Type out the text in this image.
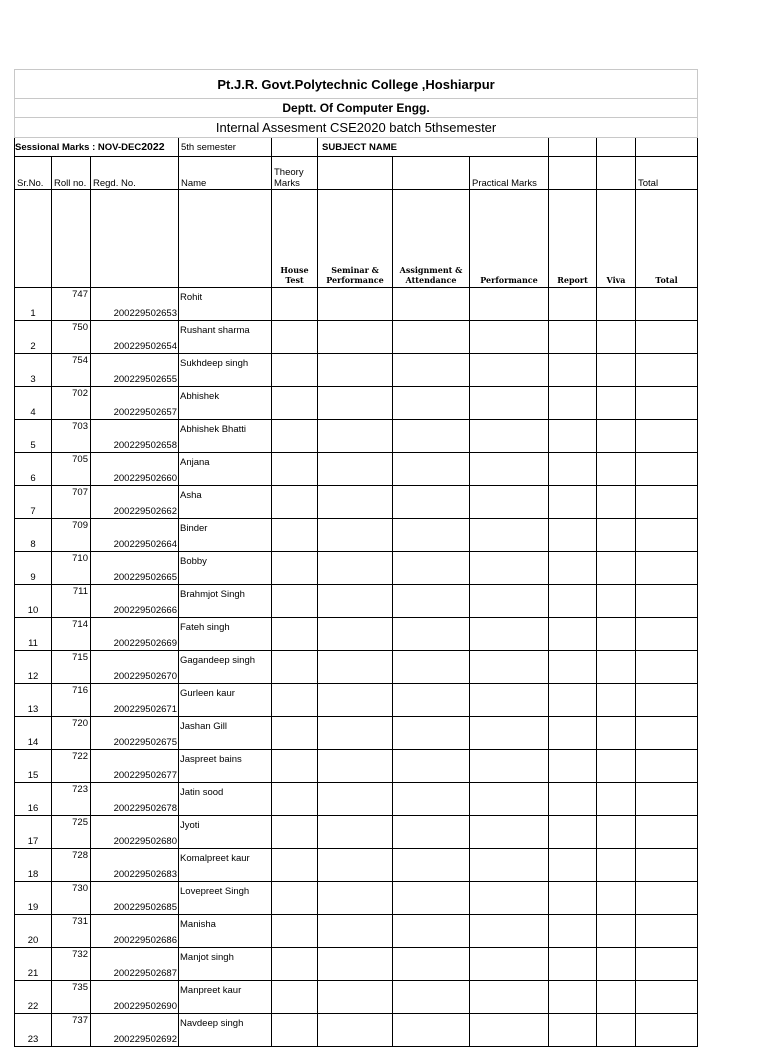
Pt.J.R. Govt.Polytechnic College ,Hoshiarpur										
Deptt. Of Computer Engg.										
Internal Assesment CSE2020 batch 5thsemester										
Sessional Marks : NOV-DEC2022			5th semester		SUBJECT NAME					
Sr.No.	Roll no.	Regd. No.	Name	Theory Marks			Practical Marks			Total
				House Test	Seminar & Performance	Assignment & Attendance	Performance	Report	Viva	Total
1	747	200229502653	Rohit							
2	750	200229502654	Rushant sharma							
3	754	200229502655	Sukhdeep singh							
4	702	200229502657	Abhishek							
5	703	200229502658	Abhishek Bhatti							
6	705	200229502660	Anjana							
7	707	200229502662	Asha							
8	709	200229502664	Binder							
9	710	200229502665	Bobby							
10	711	200229502666	Brahmjot Singh							
11	714	200229502669	Fateh singh							
12	715	200229502670	Gagandeep singh							
13	716	200229502671	Gurleen kaur							
14	720	200229502675	Jashan Gill							
15	722	200229502677	Jaspreet bains							
16	723	200229502678	Jatin sood							
17	725	200229502680	Jyoti							
18	728	200229502683	Komalpreet kaur							
19	730	200229502685	Lovepreet Singh							
20	731	200229502686	Manisha							
21	732	200229502687	Manjot singh							
22	735	200229502690	Manpreet kaur							
23	737	200229502692	Navdeep singh							
